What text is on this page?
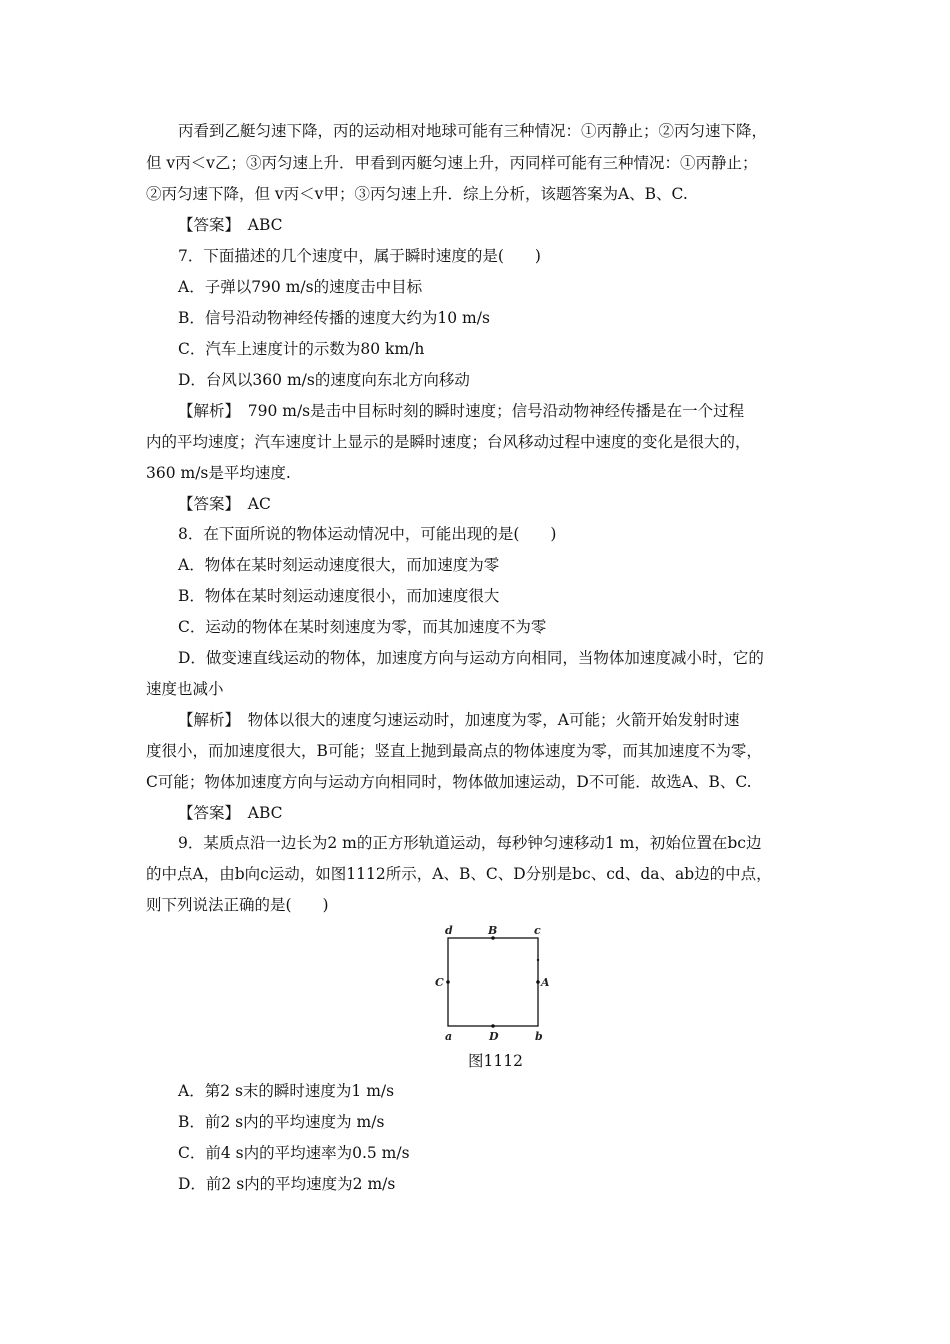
丙看到乙艇匀速下降，丙的运动相对地球可能有三种情况：①丙静止；②丙匀速下降，
但 v丙＜v乙；③丙匀速上升．甲看到丙艇匀速上升，丙同样可能有三种情况：①丙静止；
②丙匀速下降，但 v丙＜v甲；③丙匀速上升．综上分析，该题答案为A、B、C.
【答案】　ABC
7．下面描述的几个速度中，属于瞬时速度的是(　　)
A．子弹以790 m/s的速度击中目标
B．信号沿动物神经传播的速度大约为10 m/s
C．汽车上速度计的示数为80 km/h
D．台风以360 m/s的速度向东北方向移动
【解析】　790 m/s是击中目标时刻的瞬时速度；信号沿动物神经传播是在一个过程
内的平均速度；汽车速度计上显示的是瞬时速度；台风移动过程中速度的变化是很大的，
360 m/s是平均速度.
【答案】　AC
8．在下面所说的物体运动情况中，可能出现的是(　　)
A．物体在某时刻运动速度很大，而加速度为零
B．物体在某时刻运动速度很小，而加速度很大
C．运动的物体在某时刻速度为零，而其加速度不为零
D．做变速直线运动的物体，加速度方向与运动方向相同，当物体加速度减小时，它的
速度也减小
【解析】　物体以很大的速度匀速运动时，加速度为零，A可能；火箭开始发射时速
度很小，而加速度很大，B可能；竖直上抛到最高点的物体速度为零，而其加速度不为零，
C可能；物体加速度方向与运动方向相同时，物体做加速运动，D不可能．故选A、B、C.
【答案】　ABC
9．某质点沿一边长为2 m的正方形轨道运动，每秒钟匀速移动1 m，初始位置在bc边
的中点A，由b向c运动，如图1112所示，A、B、C、D分别是bc、cd、da、ab边的中点，
则下列说法正确的是(　　)
d	B	c
C	A
a	D	b
图1112
A．第2 s末的瞬时速度为1 m/s
B．前2 s内的平均速度为 m/s
C．前4 s内的平均速率为0.5 m/s
D．前2 s内的平均速度为2 m/s
